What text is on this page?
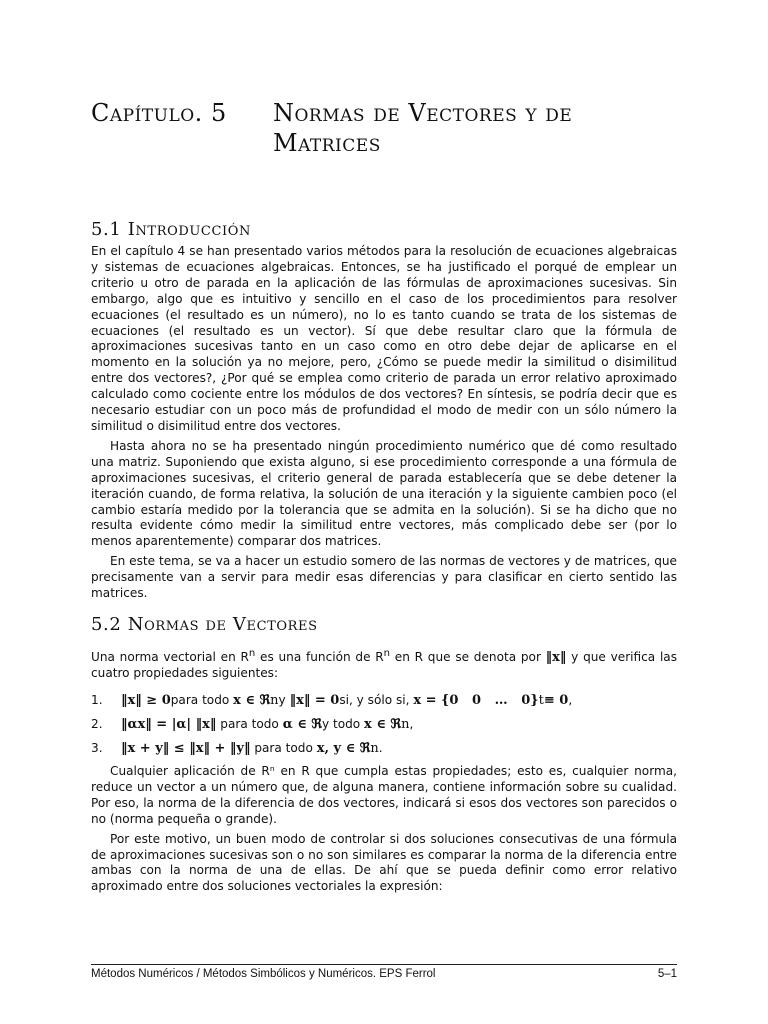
Capítulo. 5 Normas de Vectores y de
Matrices
5.1 Introducción

En el capítulo 4 se han presentado varios métodos para la resolución de ecuaciones algebraicas y sistemas de ecuaciones algebraicas. Entonces, se ha justificado el porqué de emplear un criterio u otro de parada en la aplicación de las fórmulas de aproximaciones sucesivas. Sin embargo, algo que es intuitivo y sencillo en el caso de los procedimientos para resolver ecuaciones (el resultado es un número), no lo es tanto cuando se trata de los sistemas de ecuaciones (el resultado es un vector). Sí que debe resultar claro que la fórmula de aproximaciones sucesivas tanto en un caso como en otro debe dejar de aplicarse en el momento en la solución ya no mejore, pero, ¿Cómo se puede medir la similitud o disimilitud entre dos vectores?, ¿Por qué se emplea como criterio de parada un error relativo aproximado calculado como cociente entre los módulos de dos vectores? En síntesis, se podría decir que es necesario estudiar con un poco más de profundidad el modo de medir con un sólo número la similitud o disimilitud entre dos vectores.

Hasta ahora no se ha presentado ningún procedimiento numérico que dé como resultado una matriz. Suponiendo que exista alguno, si ese procedimiento corresponde a una fórmula de aproximaciones sucesivas, el criterio general de parada establecería que se debe detener la iteración cuando, de forma relativa, la solución de una iteración y la siguiente cambien poco (el cambio estaría medido por la tolerancia que se admita en la solución). Si se ha dicho que no resulta evidente cómo medir la similitud entre vectores, más complicado debe ser (por lo menos aparentemente) comparar dos matrices.

En este tema, se va a hacer un estudio somero de las normas de vectores y de matrices, que precisamente van a servir para medir esas diferencias y para clasificar en cierto sentido las matrices.

5.2 Normas de Vectores

Una norma vectorial en $R^n$ es una función de $R^n$ en R que se denota por ‖x‖ y que verifica las cuatro propiedades siguientes:

1.	‖x‖ ≥ 0 para todo
x ∈ ℜ n y
‖x‖ = 0 si, y sólo si,
x = {0   0   …   0} t ≡ 0 ,
2.	‖αx‖ = |α| ‖x‖
para todo
α ∈ ℜ y todo
x ∈ ℜ n ,
3.	‖x + y‖ ≤ ‖x‖ + ‖y‖
para todo
x, y ∈ ℜ n .

Cualquier aplicación de Rⁿ en R que cumpla estas propiedades; esto es, cualquier norma, reduce un vector a un número que, de alguna manera, contiene información sobre su cualidad. Por eso, la norma de la diferencia de dos vectores, indicará si esos dos vectores son parecidos o no (norma pequeña o grande).

Por este motivo, un buen modo de controlar si dos soluciones consecutivas de una fórmula de aproximaciones sucesivas son o no son similares es comparar la norma de la diferencia entre ambas con la norma de una de ellas. De ahí que se pueda definir como error relativo aproximado entre dos soluciones vectoriales la expresión:

Métodos Numéricos / Métodos Simbólicos y Numéricos. EPS Ferrol	5–1
